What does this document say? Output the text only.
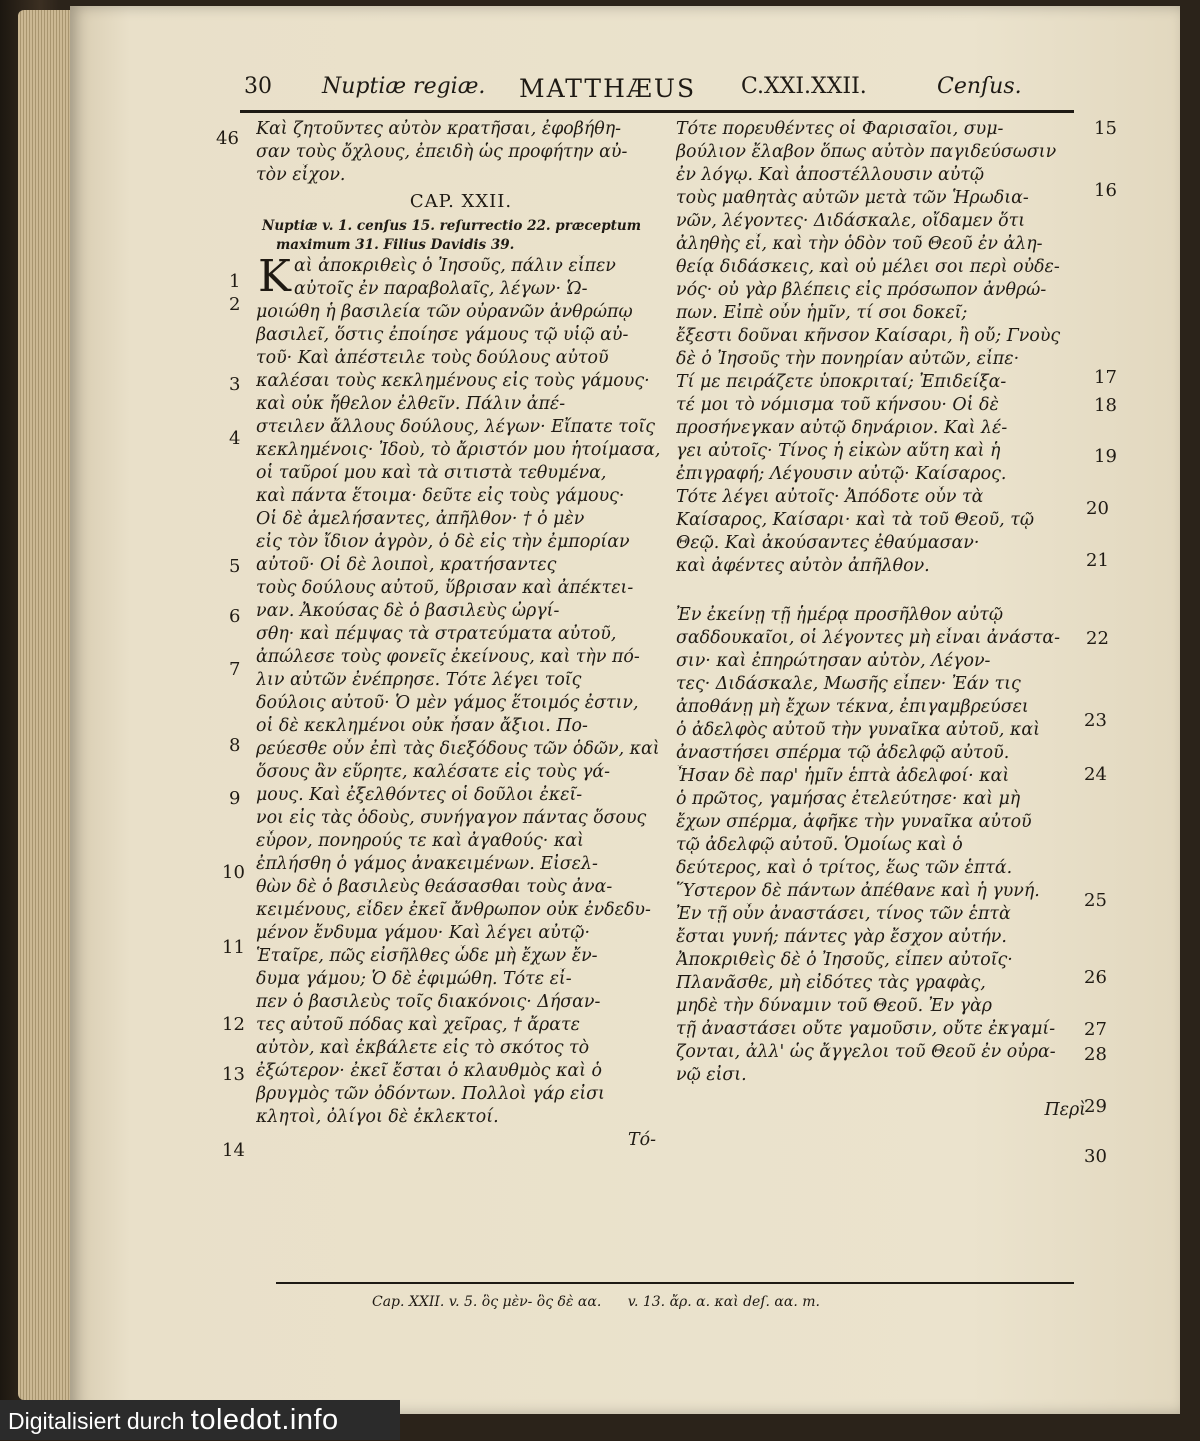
30 Nuptiæ regiæ. MATTHÆUS C.XXI.XXII.	Cenſus.
46
1
2
3
4
5
6
7
8
9
10
11
12
13
14
15
16
17
18
19
20
21
22
23
24
25
26
27
28
29
30
Καὶ ζητοῦντες αὐτὸν κρατῆσαι, ἐφοβήθη-
σαν τοὺς ὄχλους, ἐπειδὴ ὡς προφήτην αὐ-
τὸν εἶχον.
CAP. XXII.
Nuptiæ v. 1. cenſus 15. reſurrectio 22. præceptum
maximum 31. Filius Davidis 39.
K αὶ ἀποκριθεὶς ὁ Ἰησοῦς, πάλιν εἶπεν
αὐτοῖς ἐν παραβολαῖς, λέγων· Ὡ-
μοιώθη ἡ βασιλεία τῶν οὐρανῶν ἀνθρώπῳ
βασιλεῖ, ὅστις ἐποίησε γάμους τῷ υἱῷ αὐ-
τοῦ· Καὶ ἀπέστειλε τοὺς δούλους αὐτοῦ
καλέσαι τοὺς κεκλημένους εἰς τοὺς γάμους·
καὶ οὐκ ἤθελον ἐλθεῖν. Πάλιν ἀπέ-
στειλεν ἄλλους δούλους, λέγων· Εἴπατε τοῖς
κεκλημένοις· Ἰδοὺ, τὸ ἄριστόν μου ἡτοίμασα,
οἱ ταῦροί μου καὶ τὰ σιτιστὰ τεθυμένα,
καὶ πάντα ἕτοιμα· δεῦτε εἰς τοὺς γάμους·
Οἱ δὲ ἀμελήσαντες, ἀπῆλθον· † ὁ μὲν
εἰς τὸν ἴδιον ἀγρὸν, ὁ δὲ εἰς τὴν ἐμπορίαν
αὐτοῦ· Οἱ δὲ λοιποὶ, κρατήσαντες
τοὺς δούλους αὐτοῦ, ὕβρισαν καὶ ἀπέκτει-
ναν. Ἀκούσας δὲ ὁ βασιλεὺς ὠργί-
σθη· καὶ πέμψας τὰ στρατεύματα αὐτοῦ,
ἀπώλεσε τοὺς φονεῖς ἐκείνους, καὶ τὴν πό-
λιν αὐτῶν ἐνέπρησε. Τότε λέγει τοῖς
δούλοις αὐτοῦ· Ὁ μὲν γάμος ἕτοιμός ἐστιν,
οἱ δὲ κεκλημένοι οὐκ ἦσαν ἄξιοι. Πο-
ρεύεσθε οὖν ἐπὶ τὰς διεξόδους τῶν ὁδῶν, καὶ
ὅσους ἂν εὕρητε, καλέσατε εἰς τοὺς γά-
μους. Καὶ ἐξελθόντες οἱ δοῦλοι ἐκεῖ-
νοι εἰς τὰς ὁδοὺς, συνήγαγον πάντας ὅσους
εὗρον, πονηρούς τε καὶ ἀγαθούς· καὶ
ἐπλήσθη ὁ γάμος ἀνακειμένων. Εἰσελ-
θὼν δὲ ὁ βασιλεὺς θεάσασθαι τοὺς ἀνα-
κειμένους, εἶδεν ἐκεῖ ἄνθρωπον οὐκ ἐνδεδυ-
μένον ἔνδυμα γάμου· Καὶ λέγει αὐτῷ·
Ἑταῖρε, πῶς εἰσῆλθες ὧδε μὴ ἔχων ἔν-
δυμα γάμου; Ὁ δὲ ἐφιμώθη. Τότε εἶ-
πεν ὁ βασιλεὺς τοῖς διακόνοις· Δήσαν-
τες αὐτοῦ πόδας καὶ χεῖρας, † ἄρατε
αὐτὸν, καὶ ἐκβάλετε εἰς τὸ σκότος τὸ
ἐξώτερον· ἐκεῖ ἔσται ὁ κλαυθμὸς καὶ ὁ
βρυγμὸς τῶν ὀδόντων. Πολλοὶ γάρ εἰσι
κλητοὶ, ὀλίγοι δὲ ἐκλεκτοί.
Τό-
Τότε πορευθέντες οἱ Φαρισαῖοι, συμ-
βούλιον ἔλαβον ὅπως αὐτὸν παγιδεύσωσιν
ἐν λόγῳ. Καὶ ἀποστέλλουσιν αὐτῷ
τοὺς μαθητὰς αὐτῶν μετὰ τῶν Ἡρωδια-
νῶν, λέγοντες· Διδάσκαλε, οἴδαμεν ὅτι
ἀληθὴς εἶ, καὶ τὴν ὁδὸν τοῦ Θεοῦ ἐν ἀλη-
θείᾳ διδάσκεις, καὶ οὐ μέλει σοι περὶ οὐδε-
νός· οὐ γὰρ βλέπεις εἰς πρόσωπον ἀνθρώ-
πων. Εἰπὲ οὖν ἡμῖν, τί σοι δοκεῖ;
ἔξεστι δοῦναι κῆνσον Καίσαρι, ἢ οὔ; Γνοὺς
δὲ ὁ Ἰησοῦς τὴν πονηρίαν αὐτῶν, εἶπε·
Τί με πειράζετε ὑποκριταί; Ἐπιδείξα-
τέ μοι τὸ νόμισμα τοῦ κήνσου· Οἱ δὲ
προσήνεγκαν αὐτῷ δηνάριον. Καὶ λέ-
γει αὐτοῖς· Τίνος ἡ εἰκὼν αὕτη καὶ ἡ
ἐπιγραφή; Λέγουσιν αὐτῷ· Καίσαρος.
Τότε λέγει αὐτοῖς· Ἀπόδοτε οὖν τὰ
Καίσαρος, Καίσαρι· καὶ τὰ τοῦ Θεοῦ, τῷ
Θεῷ. Καὶ ἀκούσαντες ἐθαύμασαν·
καὶ ἀφέντες αὐτὸν ἀπῆλθον.
Ἐν ἐκείνῃ τῇ ἡμέρᾳ προσῆλθον αὐτῷ
σαδδουκαῖοι, οἱ λέγοντες μὴ εἶναι ἀνάστα-
σιν· καὶ ἐπηρώτησαν αὐτὸν, Λέγον-
τες· Διδάσκαλε, Μωσῆς εἶπεν· Ἐάν τις
ἀποθάνῃ μὴ ἔχων τέκνα, ἐπιγαμβρεύσει
ὁ ἀδελφὸς αὐτοῦ τὴν γυναῖκα αὐτοῦ, καὶ
ἀναστήσει σπέρμα τῷ ἀδελφῷ αὐτοῦ.
Ἦσαν δὲ παρ' ἡμῖν ἑπτὰ ἀδελφοί· καὶ
ὁ πρῶτος, γαμήσας ἐτελεύτησε· καὶ μὴ
ἔχων σπέρμα, ἀφῆκε τὴν γυναῖκα αὐτοῦ
τῷ ἀδελφῷ αὐτοῦ. Ὁμοίως καὶ ὁ
δεύτερος, καὶ ὁ τρίτος, ἕως τῶν ἑπτά.
Ὕστερον δὲ πάντων ἀπέθανε καὶ ἡ γυνή.
Ἐν τῇ οὖν ἀναστάσει, τίνος τῶν ἑπτὰ
ἔσται γυνή; πάντες γὰρ ἔσχον αὐτήν.
Ἀποκριθεὶς δὲ ὁ Ἰησοῦς, εἶπεν αὐτοῖς·
Πλανᾶσθε, μὴ εἰδότες τὰς γραφὰς,
μηδὲ τὴν δύναμιν τοῦ Θεοῦ. Ἐν γὰρ
τῇ ἀναστάσει οὔτε γαμοῦσιν, οὔτε ἐκγαμί-
ζονται, ἀλλ' ὡς ἄγγελοι τοῦ Θεοῦ ἐν οὐρα-
νῷ εἰσι.
Περὶ
Cap. XXII. v. 5. ὃς μὲν- ὃς δὲ αα. v. 13. ἄρ. α. καὶ deſ. αα. m.
Digitalisiert durch toledot.info
